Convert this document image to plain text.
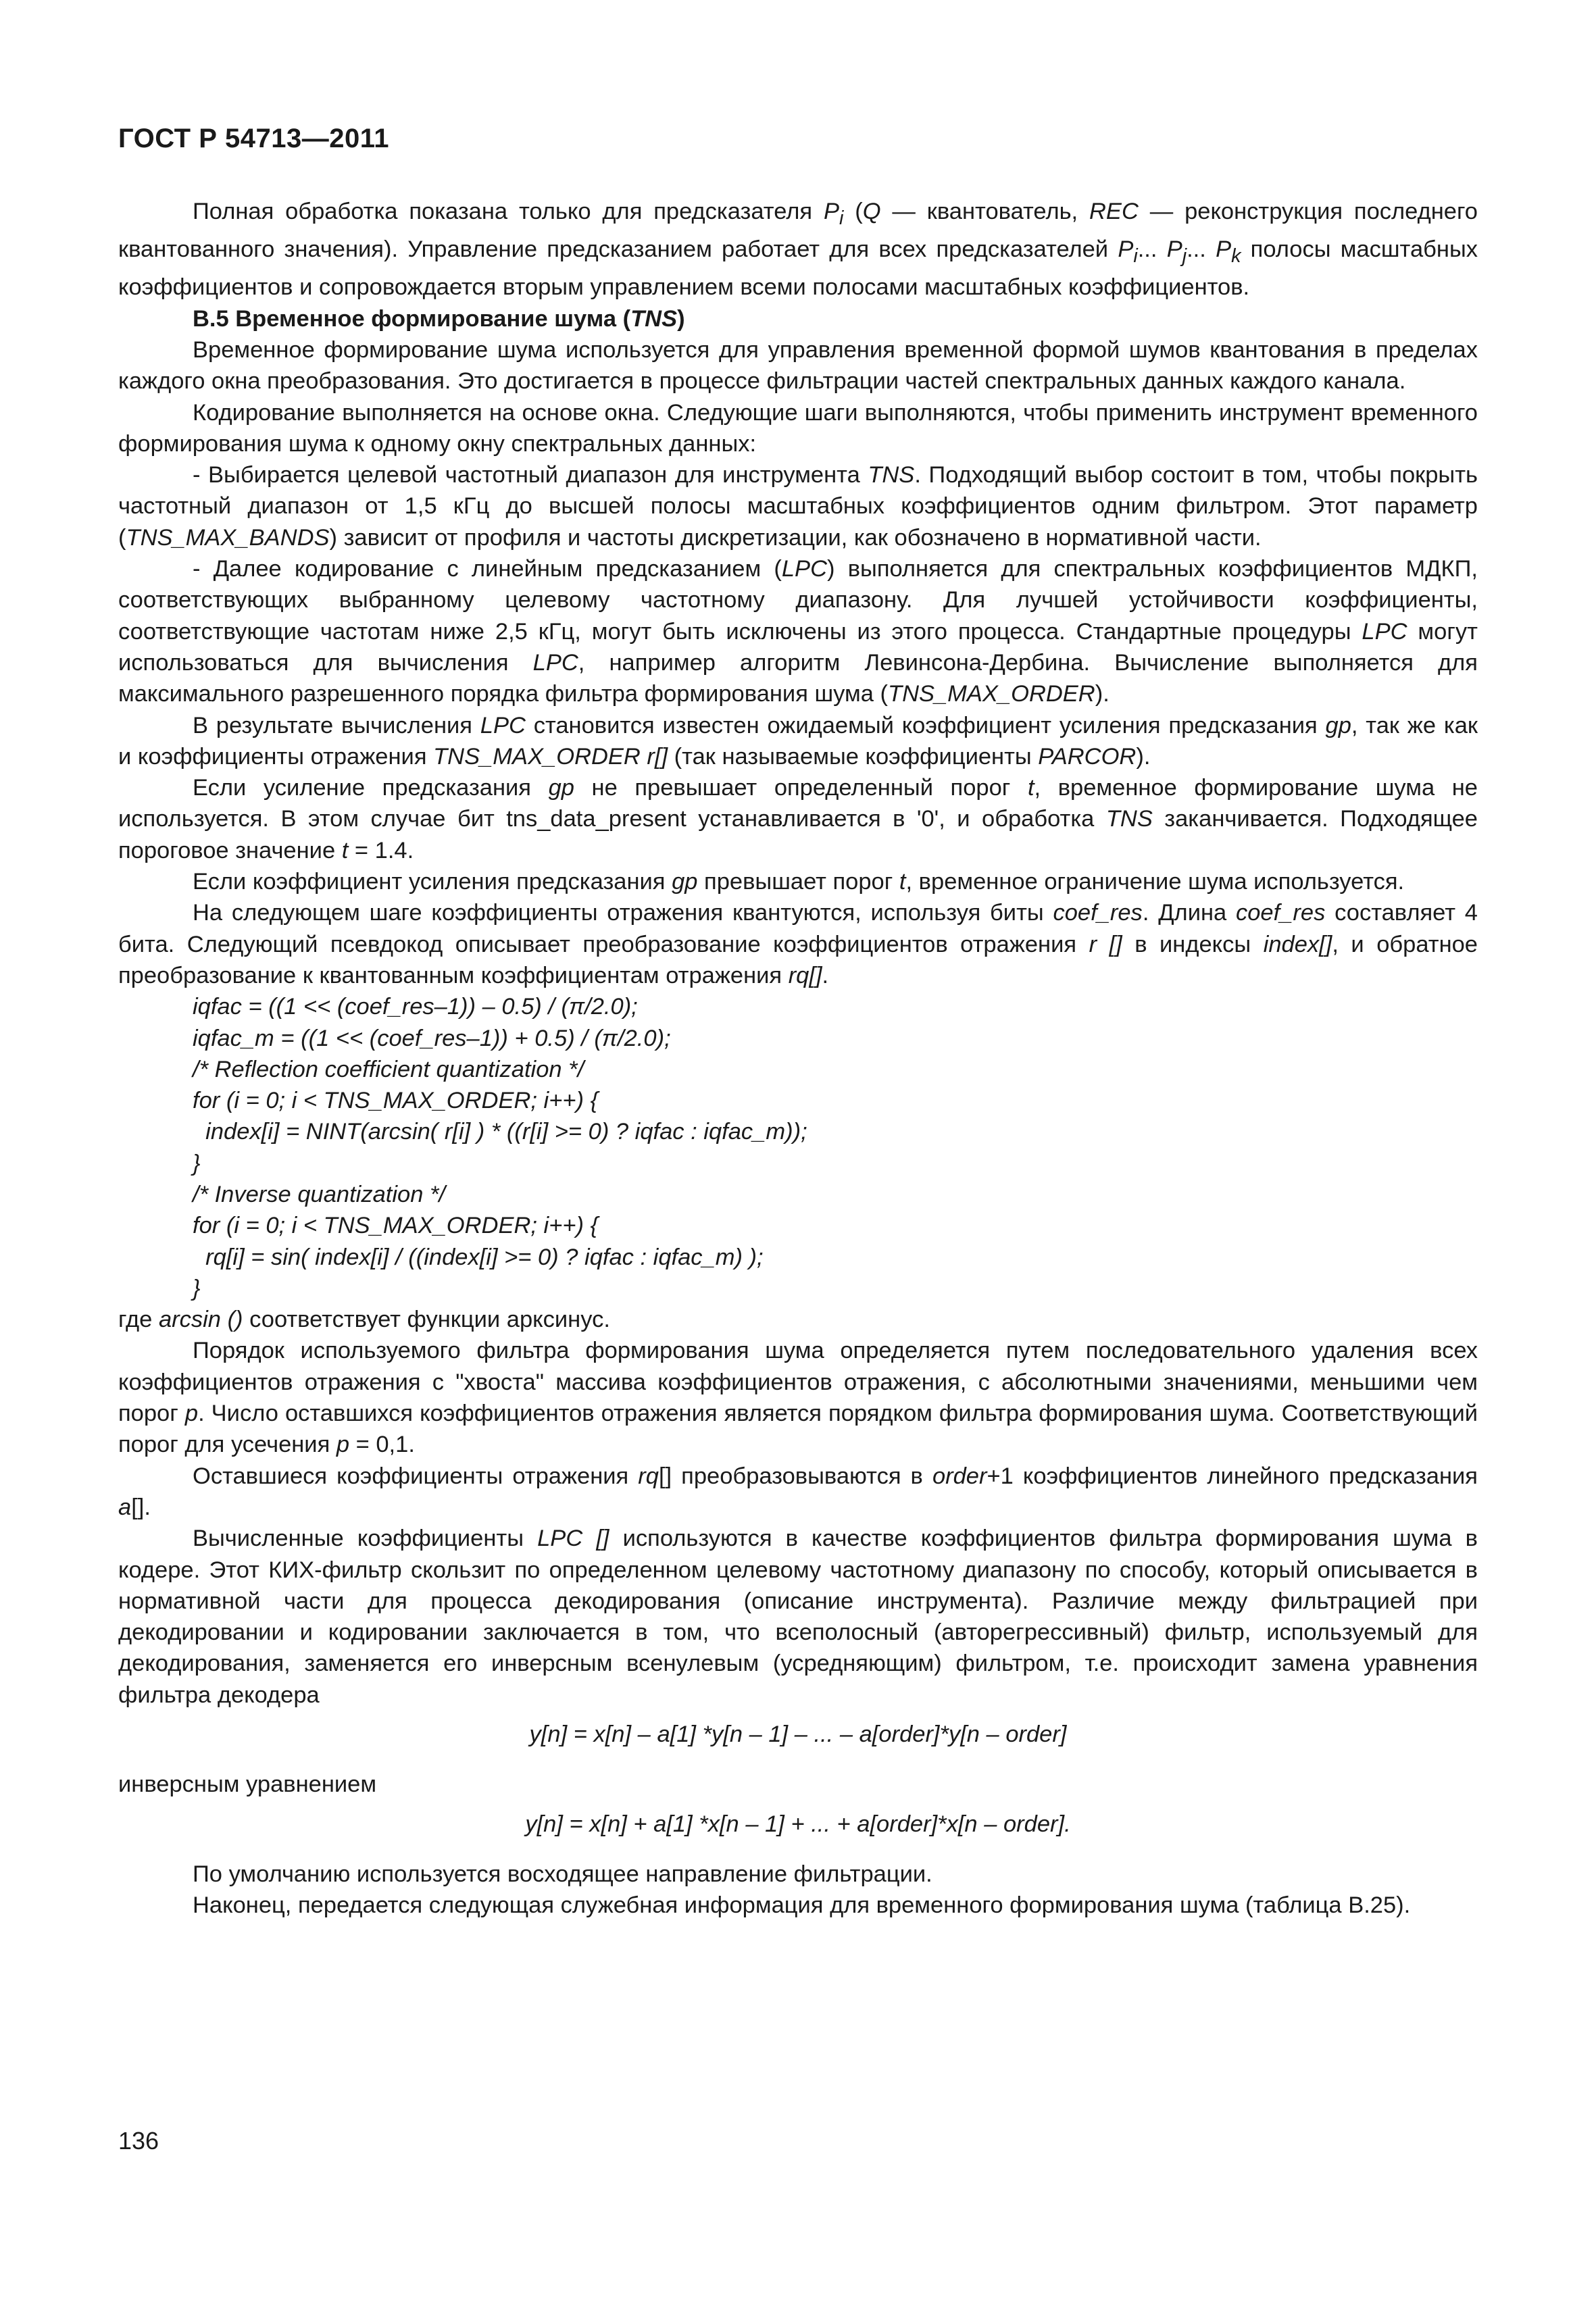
ГОСТ Р 54713—2011

Полная обработка показана только для предсказателя $P_i$ (Q — квантователь, REC — реконструкция последнего квантованного значения). Управление предсказанием работает для всех предсказателей $P_i$... $P_j$... $P_k$ полосы масштабных коэффициентов и сопровождается вторым управлением всеми полосами масштабных коэффициентов.

В.5 Временное формирование шума (TNS)

Временное формирование шума используется для управления временной формой шумов квантования в пределах каждого окна преобразования. Это достигается в процессе фильтрации частей спектральных данных каждого канала.

Кодирование выполняется на основе окна. Следующие шаги выполняются, чтобы применить инструмент временного формирования шума к одному окну спектральных данных:

- Выбирается целевой частотный диапазон для инструмента TNS. Подходящий выбор состоит в том, чтобы покрыть частотный диапазон от 1,5 кГц до высшей полосы масштабных коэффициентов одним фильтром. Этот параметр (TNS_MAX_BANDS) зависит от профиля и частоты дискретизации, как обозначено в нормативной части.

- Далее кодирование с линейным предсказанием (LPC) выполняется для спектральных коэффициентов МДКП, соответствующих выбранному целевому частотному диапазону. Для лучшей устойчивости коэффициенты, соответствующие частотам ниже 2,5 кГц, могут быть исключены из этого процесса. Стандартные процедуры LPC могут использоваться для вычисления LPC, например алгоритм Левинсона-Дербина. Вычисление выполняется для максимального разрешенного порядка фильтра формирования шума (TNS_MAX_ORDER).

В результате вычисления LPC становится известен ожидаемый коэффициент усиления предсказания gp, так же как и коэффициенты отражения TNS_MAX_ORDER r[] (так называемые коэффициенты PARCOR).

Если усиление предсказания gp не превышает определенный порог t, временное формирование шума не используется. В этом случае бит tns_data_present устанавливается в '0', и обработка TNS заканчивается. Подходящее пороговое значение t = 1.4.

Если коэффициент усиления предсказания gp превышает порог t, временное ограничение шума используется.

На следующем шаге коэффициенты отражения квантуются, используя биты coef_res. Длина coef_res составляет 4 бита. Следующий псевдокод описывает преобразование коэффициентов отражения r [] в индексы index[], и обратное преобразование к квантованным коэффициентам отражения rq[].

iqfac = ((1 << (coef_res–1)) – 0.5) / (π/2.0);
iqfac_m = ((1 << (coef_res–1)) + 0.5) / (π/2.0);
/* Reflection coefficient quantization */
for (i = 0; i < TNS_MAX_ORDER; i++) {
index[i] = NINT(arcsin( r[i] ) * ((r[i] >= 0) ? iqfac : iqfac_m));
}
/* Inverse quantization */
for (i = 0; i < TNS_MAX_ORDER; i++) {
rq[i] = sin( index[i] / ((index[i] >= 0) ? iqfac : iqfac_m) );
}

где arcsin () соответствует функции арксинус.

Порядок используемого фильтра формирования шума определяется путем последовательного удаления всех коэффициентов отражения с "хвоста" массива коэффициентов отражения, с абсолютными значениями, меньшими чем порог p. Число оставшихся коэффициентов отражения является порядком фильтра формирования шума. Соответствующий порог для усечения p = 0,1.

Оставшиеся коэффициенты отражения rq[] преобразовываются в order+1 коэффициентов линейного предсказания a[].

Вычисленные коэффициенты LPC [] используются в качестве коэффициентов фильтра формирования шума в кодере. Этот КИХ-фильтр скользит по определенном целевому частотному диапазону по способу, который описывается в нормативной части для процесса декодирования (описание инструмента). Различие между фильтрацией при декодировании и кодировании заключается в том, что всеполосный (авторегрессивный) фильтр, используемый для декодирования, заменяется его инверсным всенулевым (усредняющим) фильтром, т.е. происходит замена уравнения фильтра декодера

y[n] = x[n] – a[1] *y[n – 1] – ... – a[order]*y[n – order]

инверсным уравнением

y[n] = x[n] + a[1] *x[n – 1] + ... + a[order]*x[n – order].

По умолчанию используется восходящее направление фильтрации.

Наконец, передается следующая служебная информация для временного формирования шума (таблица В.25).

136
